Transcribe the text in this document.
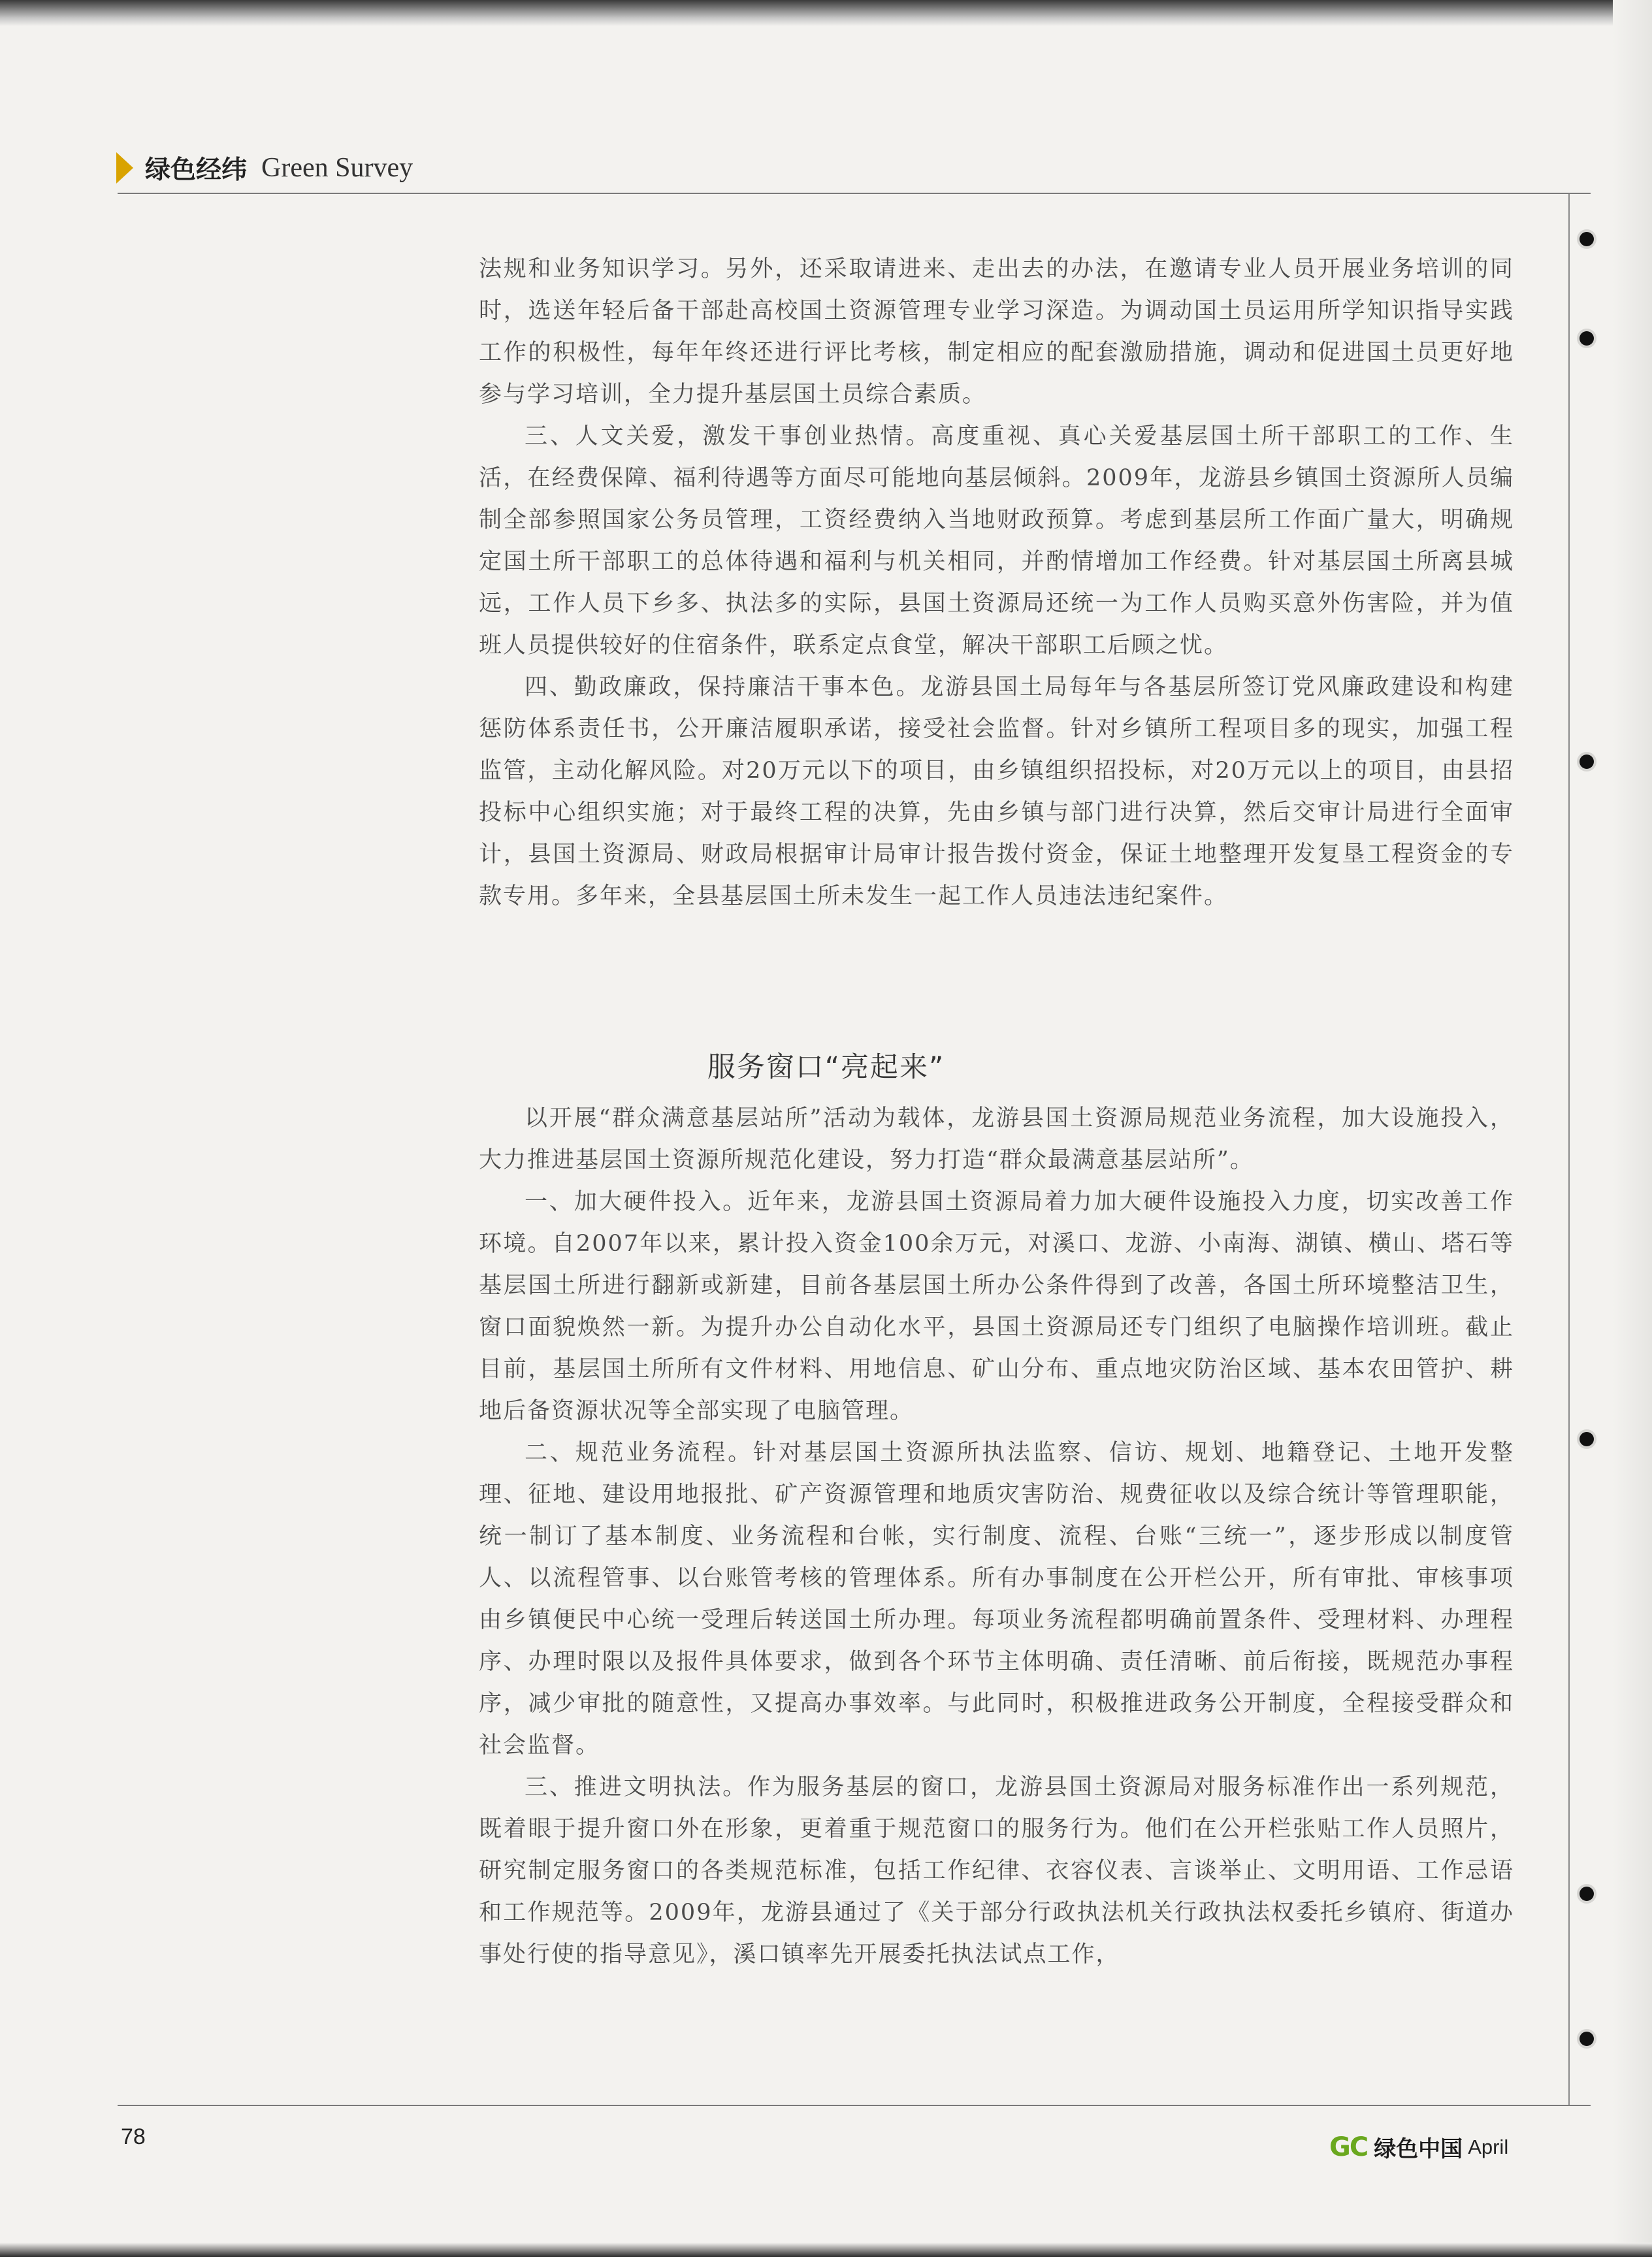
绿色经纬 Green Survey

法规和业务知识学习。另外，还采取请进来、走出去的办法，在邀请专业人员开展业务培训的同时，选送年轻后备干部赴高校国土资源管理专业学习深造。为调动国土员运用所学知识指导实践工作的积极性，每年年终还进行评比考核，制定相应的配套激励措施，调动和促进国土员更好地参与学习培训，全力提升基层国土员综合素质。

三、人文关爱，激发干事创业热情。高度重视、真心关爱基层国土所干部职工的工作、生活，在经费保障、福利待遇等方面尽可能地向基层倾斜。2009年，龙游县乡镇国土资源所人员编制全部参照国家公务员管理，工资经费纳入当地财政预算。考虑到基层所工作面广量大，明确规定国土所干部职工的总体待遇和福利与机关相同，并酌情增加工作经费。针对基层国土所离县城远，工作人员下乡多、执法多的实际，县国土资源局还统一为工作人员购买意外伤害险，并为值班人员提供较好的住宿条件，联系定点食堂，解决干部职工后顾之忧。

四、勤政廉政，保持廉洁干事本色。龙游县国土局每年与各基层所签订党风廉政建设和构建惩防体系责任书，公开廉洁履职承诺，接受社会监督。针对乡镇所工程项目多的现实，加强工程监管，主动化解风险。对20万元以下的项目，由乡镇组织招投标，对20万元以上的项目，由县招投标中心组织实施；对于最终工程的决算，先由乡镇与部门进行决算，然后交审计局进行全面审计，县国土资源局、财政局根据审计局审计报告拨付资金，保证土地整理开发复垦工程资金的专款专用。多年来，全县基层国土所未发生一起工作人员违法违纪案件。

服务窗口“亮起来”

以开展“群众满意基层站所”活动为载体，龙游县国土资源局规范业务流程，加大设施投入，大力推进基层国土资源所规范化建设，努力打造“群众最满意基层站所”。

一、加大硬件投入。近年来，龙游县国土资源局着力加大硬件设施投入力度，切实改善工作环境。自2007年以来，累计投入资金100余万元，对溪口、龙游、小南海、湖镇、横山、塔石等基层国土所进行翻新或新建，目前各基层国土所办公条件得到了改善，各国土所环境整洁卫生，窗口面貌焕然一新。为提升办公自动化水平，县国土资源局还专门组织了电脑操作培训班。截止目前，基层国土所所有文件材料、用地信息、矿山分布、重点地灾防治区域、基本农田管护、耕地后备资源状况等全部实现了电脑管理。

二、规范业务流程。针对基层国土资源所执法监察、信访、规划、地籍登记、土地开发整理、征地、建设用地报批、矿产资源管理和地质灾害防治、规费征收以及综合统计等管理职能，统一制订了基本制度、业务流程和台帐，实行制度、流程、台账“三统一”，逐步形成以制度管人、以流程管事、以台账管考核的管理体系。所有办事制度在公开栏公开，所有审批、审核事项由乡镇便民中心统一受理后转送国土所办理。每项业务流程都明确前置条件、受理材料、办理程序、办理时限以及报件具体要求，做到各个环节主体明确、责任清晰、前后衔接，既规范办事程序，减少审批的随意性，又提高办事效率。与此同时，积极推进政务公开制度，全程接受群众和社会监督。

三、推进文明执法。作为服务基层的窗口，龙游县国土资源局对服务标准作出一系列规范，既着眼于提升窗口外在形象，更着重于规范窗口的服务行为。他们在公开栏张贴工作人员照片，研究制定服务窗口的各类规范标准，包括工作纪律、衣容仪表、言谈举止、文明用语、工作忌语和工作规范等。2009年，龙游县通过了《关于部分行政执法机关行政执法权委托乡镇府、街道办事处行使的指导意见》，溪口镇率先开展委托执法试点工作，

78	GC 绿色中国 April
